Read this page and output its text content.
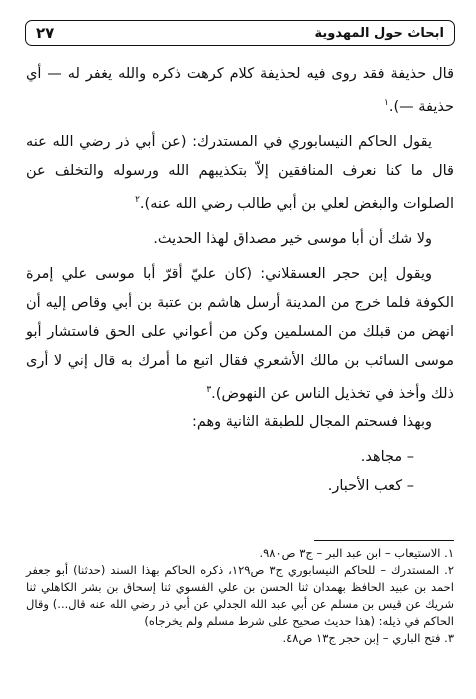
ابحاث حول المهدوية
٢٧

قال حذيفة فقد روى فيه لحذيفة كلام كرهت ذكره والله يغفر له — أي حذيفة —).$^١$

يقول الحاكم النيسابوري في المستدرك: (عن أبي ذر رضي الله عنه قال ما كنا نعرف المنافقين إلاّ بتكذيبهم الله ورسوله والتخلف عن الصلوات والبغض لعلي بن أبي طالب رضي الله عنه).$^٢$

ولا شك أن أبا موسى خير مصداق لهذا الحديث.

ويقول إبن حجر العسقلاني: (كان عليّ أقرّ أبا موسى علي إمرة الكوفة فلما خرج من المدينة أرسل هاشم بن عتبة بن أبي وقاص إليه أن انهض من قبلك من المسلمين وكن من أعواني على الحق فاستشار أبو موسى السائب بن مالك الأشعري فقال اتبع ما أمرك به قال إني لا أرى ذلك وأخذ في تخذيل الناس عن النهوض).$^٣$

وبهذا فسحتم المجال للطبقة الثانية وهم:

– مجاهد.

– كعب الأحبار.

١. الاستيعاب – ابن عبد البر – ج٣ ص٩٨٠.

٢. المستدرك – للحاكم النيسابوري ج٣ ص١٢٩، ذكره الحاكم بهذا السند (حدثنا) أبو جعفر احمد بن عبيد الحافظ بهمدان ثنا الحسن بن علي الفسوي ثنا إسحاق بن بشر الكاهلي ثنا شريك عن قيس بن مسلم عن أبي عبد الله الجدلي عن أبي ذر رضي الله عنه قال...) وقال الحاكم في ذيله: (هذا حديث صحيح على شرط مسلم ولم يخرجاه)

٣. فتح الباري – إبن حجر ج١٣ ص٤٨.
